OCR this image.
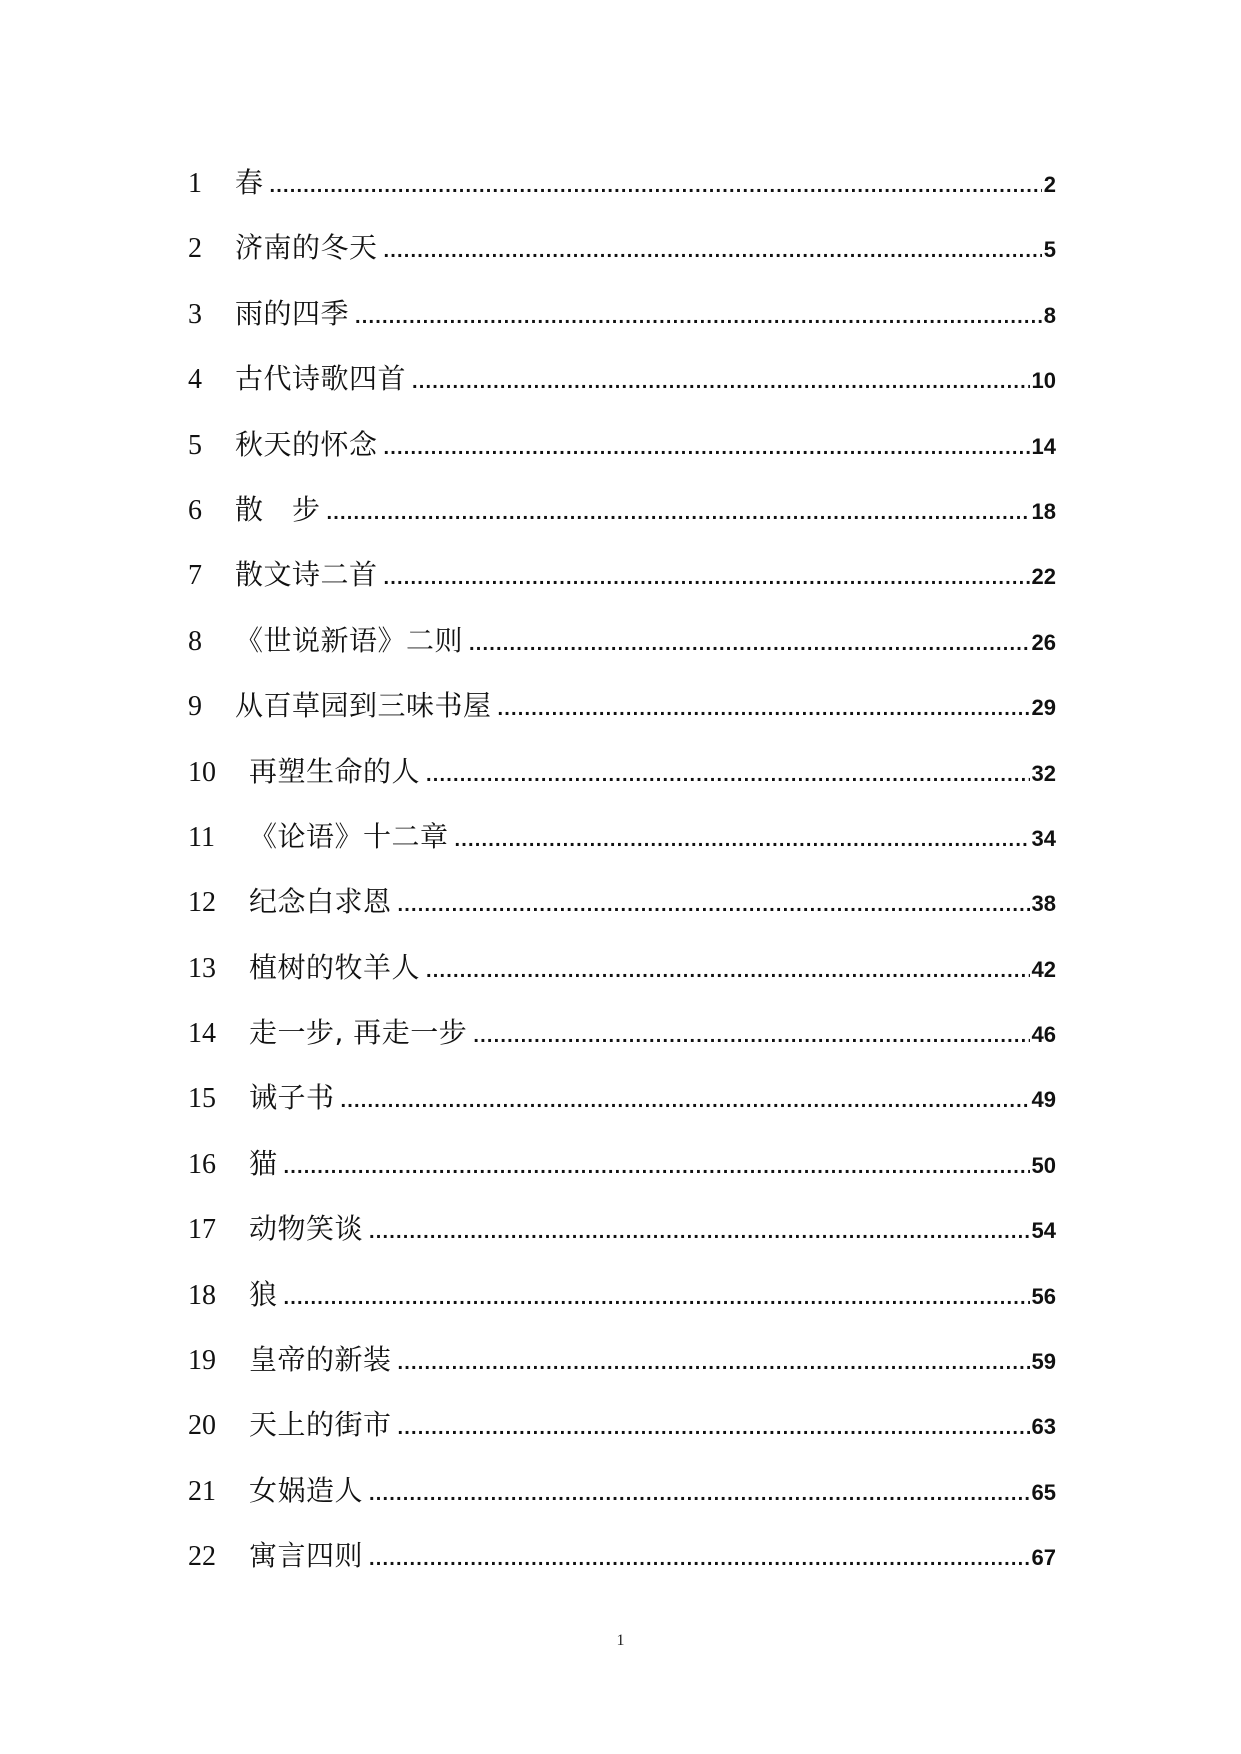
1	春 .....	2
2	济南的冬天 .....	5
3	雨的四季 .....	8
4	古代诗歌四首 .....	10
5	秋天的怀念 .....	14
6	散　步 .....	18
7	散文诗二首 .....	22
8	《世说新语》二则 .....	26
9	从百草园到三味书屋 .....	29
10	再塑生命的人 .....	32
11	《论语》十二章 .....	34
12	纪念白求恩 .....	38
13	植树的牧羊人 .....	42
14	走一步, 再走一步 .....	46
15	诫子书 .....	49
16	猫 .....	50
17	动物笑谈 .....	54
18	狼 .....	56
19	皇帝的新装 .....	59
20	天上的街市 .....	63
21	女娲造人 .....	65
22	寓言四则 .....	67
1
